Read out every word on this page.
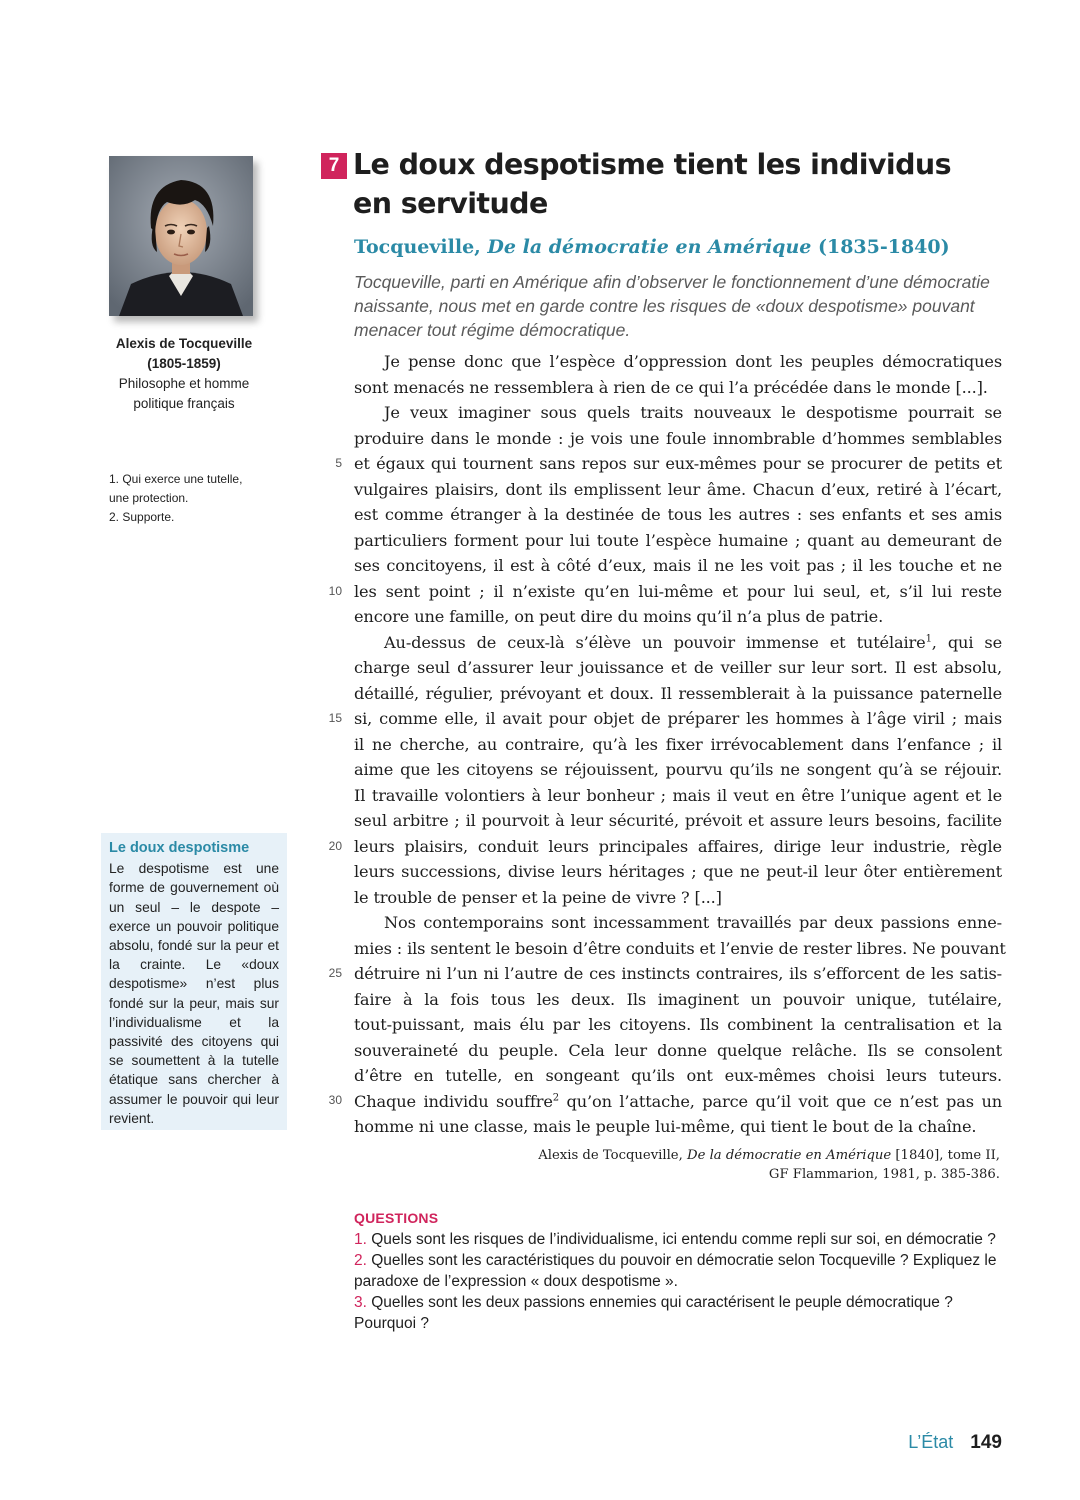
Alexis de Tocqueville
(1805-1859)
Philosophe et homme
politique français
1. Qui exerce une tutelle,
une protection.
2. Supporte.
Le doux despotisme
Le despotisme est une forme de gouvernement où un seul – le despote – exerce un pouvoir politique absolu, fondé sur la peur et la crainte. Le «doux despotisme» n’est plus fondé sur la peur, mais sur l’individualisme et la passivité des citoyens qui se soumettent à la tutelle étatique sans chercher à assumer le pouvoir qui leur revient.
7 Le doux despotisme tient les individus en servitude
Tocqueville, De la démocratie en Amérique (1835-1840)
Tocqueville, parti en Amérique afin d’observer le fonctionnement d’une démocratie naissante, nous met en garde contre les risques de «doux despotisme» pouvant menacer tout régime démocratique.
Je pense donc que l’espèce d’oppression dont les peuples démocratiques
sont menacés ne ressemblera à rien de ce qui l’a précédée dans le monde [...].
Je veux imaginer sous quels traits nouveaux le despotisme pourrait se
produire dans le monde : je vois une foule innombrable d’hommes semblables
et égaux qui tournent sans repos sur eux-mêmes pour se procurer de petits et
vulgaires plaisirs, dont ils emplissent leur âme. Chacun d’eux, retiré à l’écart,
est comme étranger à la destinée de tous les autres : ses enfants et ses amis
particuliers forment pour lui toute l’espèce humaine ; quant au demeurant de
ses concitoyens, il est à côté d’eux, mais il ne les voit pas ; il les touche et ne
les sent point ; il n’existe qu’en lui-même et pour lui seul, et, s’il lui reste
encore une famille, on peut dire du moins qu’il n’a plus de patrie.
Au-dessus de ceux-là s’élève un pouvoir immense et tutélaire$^1$, qui se
charge seul d’assurer leur jouissance et de veiller sur leur sort. Il est absolu,
détaillé, régulier, prévoyant et doux. Il ressemblerait à la puissance paternelle
si, comme elle, il avait pour objet de préparer les hommes à l’âge viril ; mais
il ne cherche, au contraire, qu’à les fixer irrévocablement dans l’enfance ; il
aime que les citoyens se réjouissent, pourvu qu’ils ne songent qu’à se réjouir.
Il travaille volontiers à leur bonheur ; mais il veut en être l’unique agent et le
seul arbitre ; il pourvoit à leur sécurité, prévoit et assure leurs besoins, facilite
leurs plaisirs, conduit leurs principales affaires, dirige leur industrie, règle
leurs successions, divise leurs héritages ; que ne peut-il leur ôter entièrement
le trouble de penser et la peine de vivre ? [...]
Nos contemporains sont incessamment travaillés par deux passions enne-
mies : ils sentent le besoin d’être conduits et l’envie de rester libres. Ne pouvant
détruire ni l’un ni l’autre de ces instincts contraires, ils s’efforcent de les satis-
faire à la fois tous les deux. Ils imaginent un pouvoir unique, tutélaire,
tout-puissant, mais élu par les citoyens. Ils combinent la centralisation et la
souveraineté du peuple. Cela leur donne quelque relâche. Ils se consolent
d’être en tutelle, en songeant qu’ils ont eux-mêmes choisi leurs tuteurs.
Chaque individu souffre$^2$ qu’on l’attache, parce qu’il voit que ce n’est pas un
homme ni une classe, mais le peuple lui-même, qui tient le bout de la chaîne.
5
10
15
20
25
30
Alexis de Tocqueville, De la démocratie en Amérique [1840], tome II,
GF Flammarion, 1981, p. 385-386.
QUESTIONS
1. Quels sont les risques de l’individualisme, ici entendu comme repli sur soi, en démocratie ?
2. Quelles sont les caractéristiques du pouvoir en démocratie selon Tocqueville ? Expliquez le paradoxe de l’expression « doux despotisme ».
3. Quelles sont les deux passions ennemies qui caractérisent le peuple démocratique ? Pourquoi ?
L’État 149
